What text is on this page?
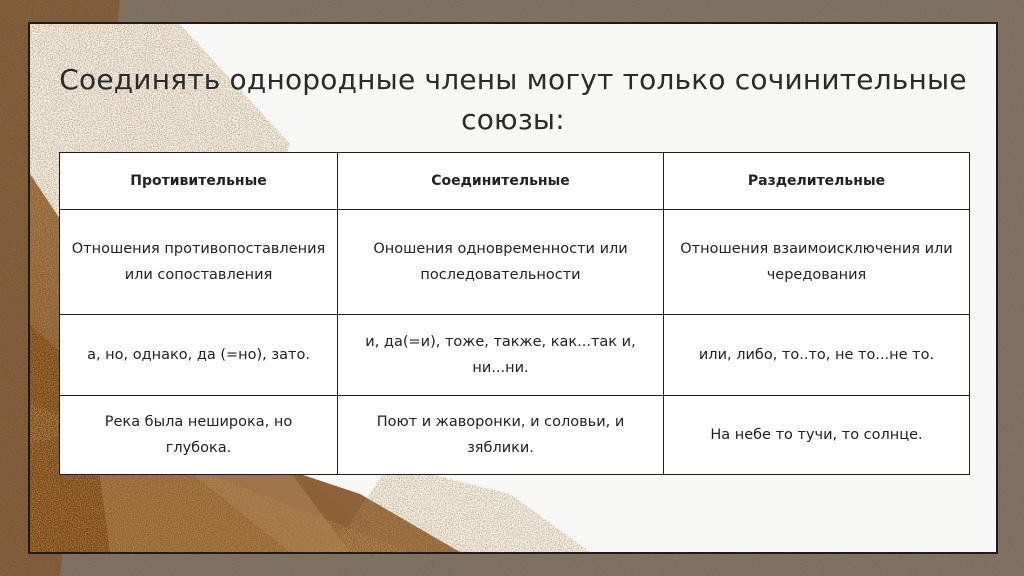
Соединять однородные члены могут только сочинительные союзы:
Противительные	Соединительные	Разделительные
Отношения противопоставления или сопоставления	Оношения одновременности или последовательности	Отношения взаимоисключения или чередования
а, но, однако, да (=но), зато.	и, да(=и), тоже, также, как...так и, ни...ни.	или, либо, то..то, не то...не то.
Река была неширока, но глубока.	Поют и жаворонки, и соловьи, и зяблики.	На небе то тучи, то солнце.
